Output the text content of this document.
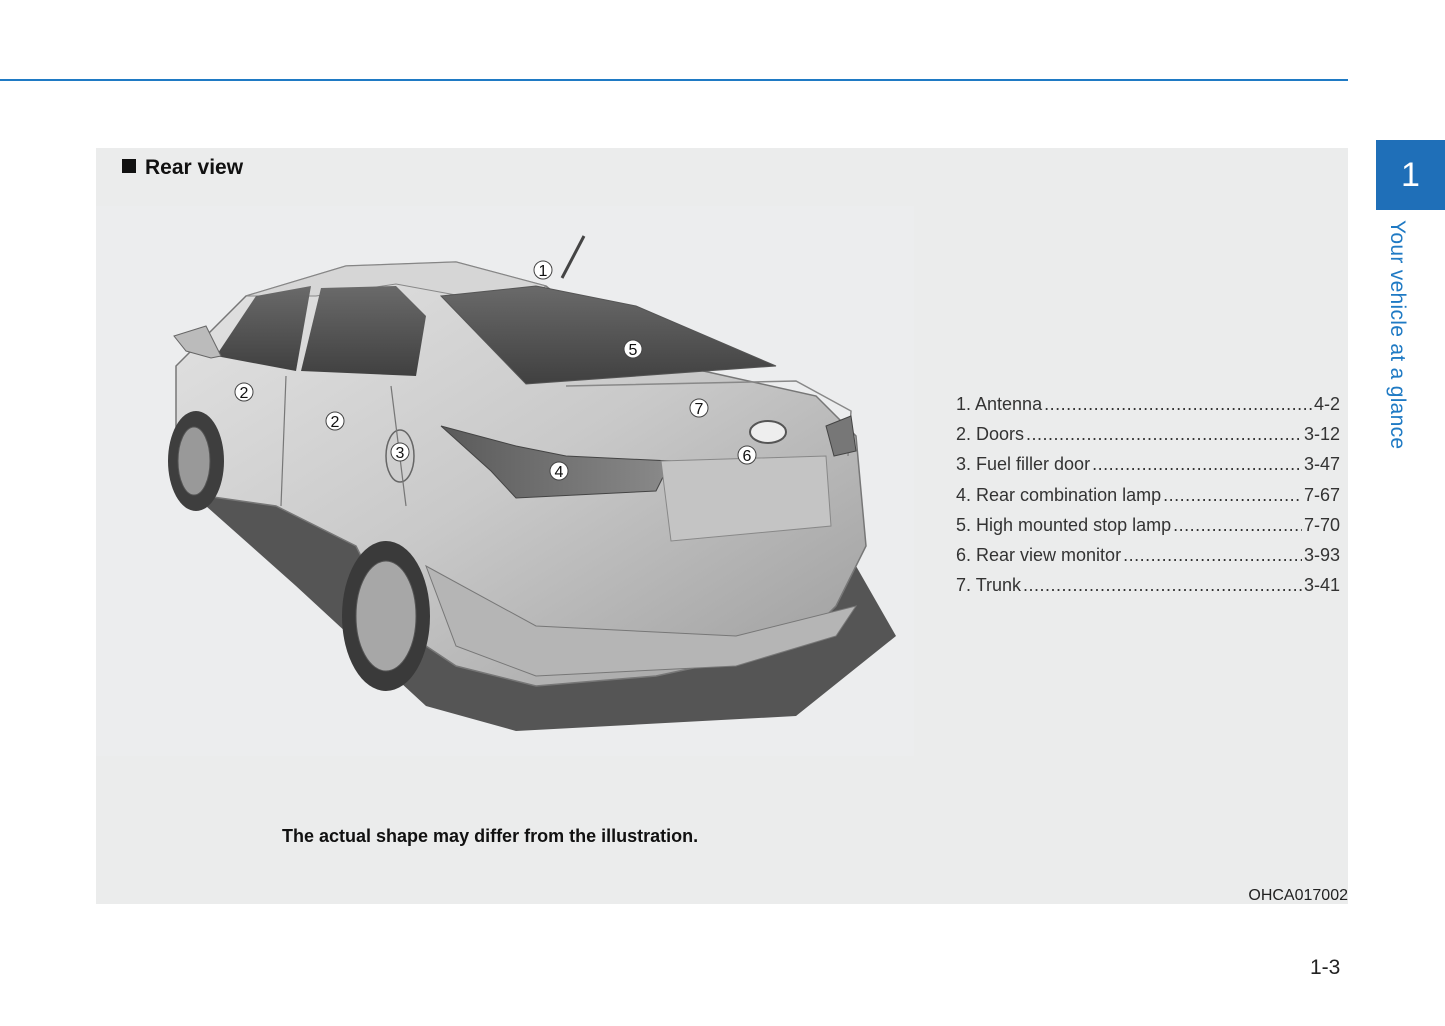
1
Your vehicle at a glance
Rear view
1
2
2
3
4
5
6
7	1. Antenna .....	4-2
2. Doors .....	3-12
3. Fuel filler door .....	3-47
4. Rear combination lamp .....	7-67
5. High mounted stop lamp .....	7-70
6. Rear view monitor .....	3-93
7. Trunk .....	3-41
The actual shape may differ from the illustration.
OHCA017002
1-3
